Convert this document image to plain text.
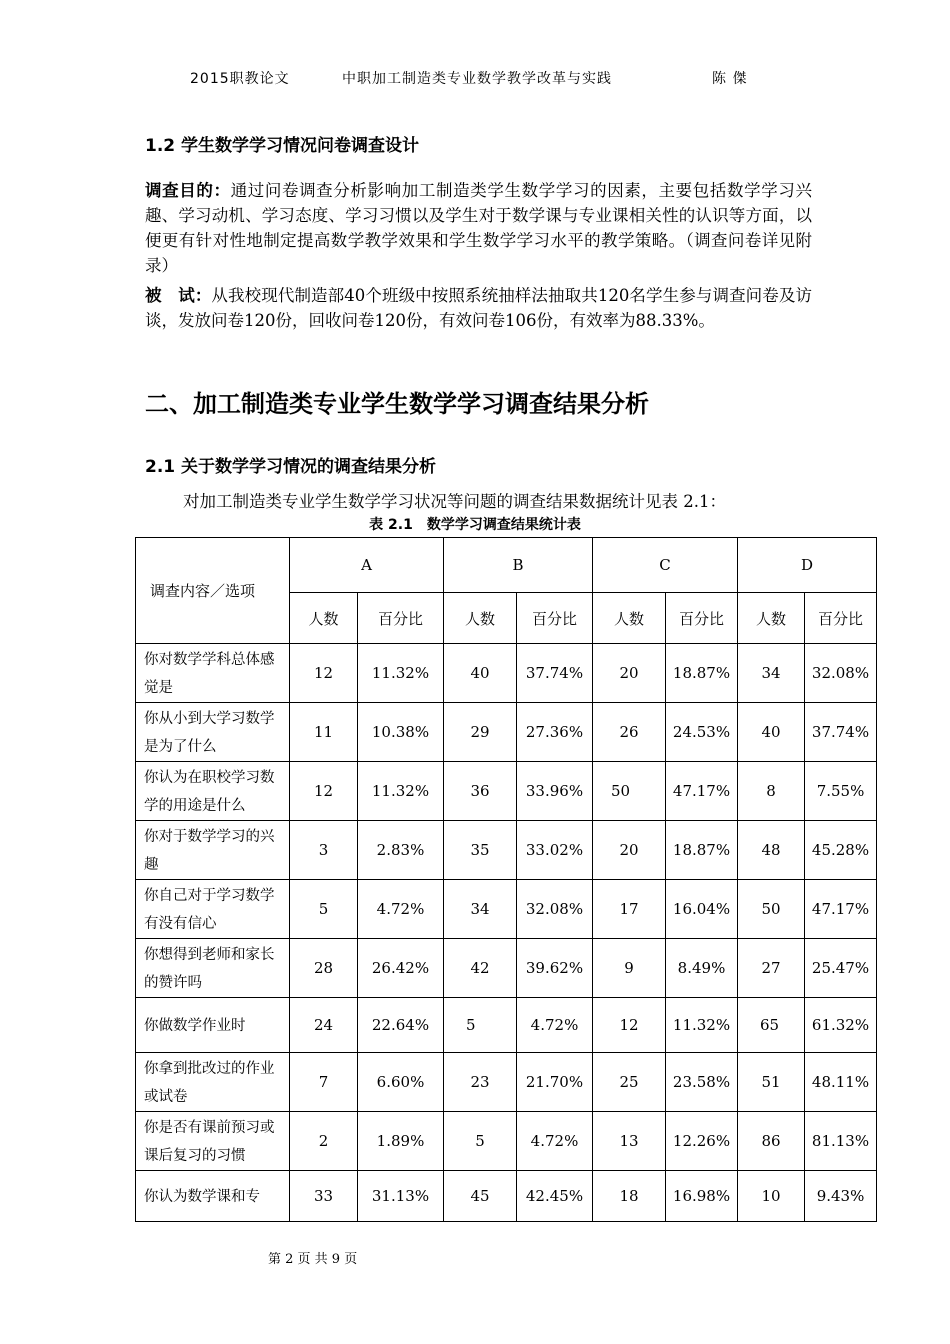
2015职教论文	中职加工制造类专业数学教学改革与实践	陈 傑
1.2 学生数学学习情况问卷调查设计
调查目的：通过问卷调查分析影响加工制造类学生数学学习的因素，主要包括数学学习兴趣、学习动机、学习态度、学习习惯以及学生对于数学课与专业课相关性的认识等方面，以便更有针对性地制定提高数学教学效果和学生数学学习水平的教学策略。（调查问卷详见附录）
被　试：从我校现代制造部40个班级中按照系统抽样法抽取共120名学生参与调查问卷及访谈，发放问卷120份，回收问卷120份，有效问卷106份，有效率为88.33%。
二、加工制造类专业学生数学学习调查结果分析
2.1 关于数学学习情况的调查结果分析
对加工制造类专业学生数学学习状况等问题的调查结果数据统计见表 2.1：
表 2.1　数学学习调查结果统计表
调查内容／选项	A		B		C		D	
	人数	百分比	人数	百分比	人数	百分比	人数	百分比
你对数学学科总体感觉是	12	11.32%	40	37.74%	20	18.87%	34	32.08%
你从小到大学习数学是为了什么	11	10.38%	29	27.36%	26	24.53%	40	37.74%
你认为在职校学习数学的用途是什么	12	11.32%	36	33.96%	50	47.17%	8	7.55%
你对于数学学习的兴趣	3	2.83%	35	33.02%	20	18.87%	48	45.28%
你自己对于学习数学有没有信心	5	4.72%	34	32.08%	17	16.04%	50	47.17%
你想得到老师和家长的赞许吗	28	26.42%	42	39.62%	9	8.49%	27	25.47%
你做数学作业时	24	22.64%	5	4.72%	12	11.32%	65	61.32%
你拿到批改过的作业或试卷	7	6.60%	23	21.70%	25	23.58%	51	48.11%
你是否有课前预习或课后复习的习惯	2	1.89%	5	4.72%	13	12.26%	86	81.13%
你认为数学课和专	33	31.13%	45	42.45%	18	16.98%	10	9.43%
第 2 页 共 9 页
